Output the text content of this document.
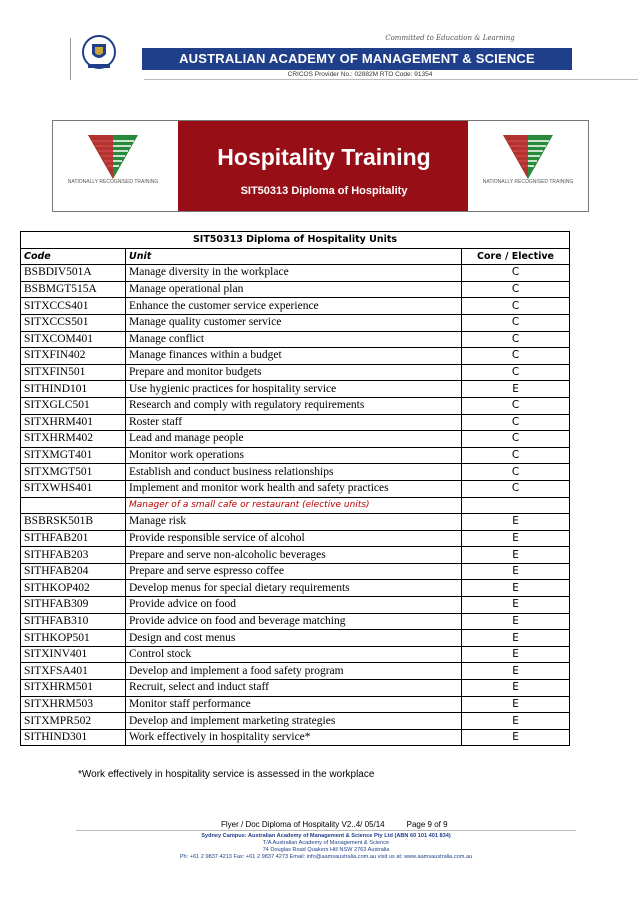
Committed to Education & Learning
AUSTRALIAN ACADEMY OF MANAGEMENT & SCIENCE
CRICOS Provider No.: 02882M RTO Code: 91354
NATIONALLY RECOGNISED TRAINING
Hospitality Training
SIT50313 Diploma of Hospitality
NATIONALLY RECOGNISED TRAINING
SIT50313 Diploma of Hospitality Units		
Code	Unit	Core / Elective
BSBDIV501A	Manage diversity in the workplace	C
BSBMGT515A	Manage operational plan	C
SITXCCS401	Enhance the customer service experience	C
SITXCCS501	Manage quality customer service	C
SITXCOM401	Manage conflict	C
SITXFIN402	Manage finances within a budget	C
SITXFIN501	Prepare and monitor budgets	C
SITHIND101	Use hygienic practices for hospitality service	E
SITXGLC501	Research and comply with regulatory requirements	C
SITXHRM401	Roster staff	C
SITXHRM402	Lead and manage people	C
SITXMGT401	Monitor work operations	C
SITXMGT501	Establish and conduct business relationships	C
SITXWHS401	Implement and monitor work health and safety practices	C
	Manager of a small cafe or restaurant (elective units)	
BSBRSK501B	Manage risk	E
SITHFAB201	Provide responsible service of alcohol	E
SITHFAB203	Prepare and serve non-alcoholic beverages	E
SITHFAB204	Prepare and serve espresso coffee	E
SITHKOP402	Develop menus for special dietary requirements	E
SITHFAB309	Provide advice on food	E
SITHFAB310	Provide advice on food and beverage matching	E
SITHKOP501	Design and cost menus	E
SITXINV401	Control stock	E
SITXFSA401	Develop and implement a food safety program	E
SITXHRM501	Recruit, select and induct staff	E
SITXHRM503	Monitor staff performance	E
SITXMPR502	Develop and implement marketing strategies	E
SITHIND301	Work effectively in hospitality service*	E
*Work effectively in hospitality service is assessed in the workplace
Flyer / Doc Diploma of Hospitality V2..4/ 05/14	Page 9 of 9
Sydney Campus: Australian Academy of Management & Science Pty Ltd (ABN 60 101 401 834)
T/A Australian Academy of Management & Science
74 Douglas Road Quakers Hill NSW 2763 Australia
Ph: +61 2 9837 4213 Fax: +61 2 9837 4273 Email: info@aamsaustralia.com.au visit us at: www.aamsaustralia.com.au
